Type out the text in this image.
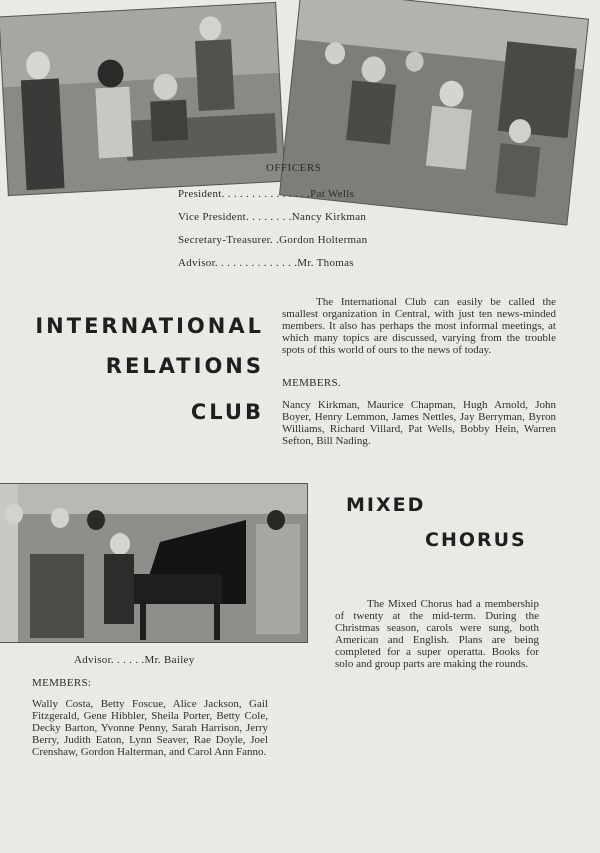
OFFICERS
President. . . . . . . . . . . . . . .Pat Wells
Vice President. . . . . . . .Nancy Kirkman
Secretary-Treasurer. .Gordon Holterman
Advisor. . . . . . . . . . . . . .Mr. Thomas
INTERNATIONAL
RELATIONS
CLUB
The International Club can easily be called the smallest organization in Central, with just ten news-minded members. It also has perhaps the most informal meetings, at which many topics are discussed, varying from the trouble spots of this world of ours to the news of today.
MEMBERS.
Nancy Kirkman, Maurice Chapman, Hugh Arnold, John Boyer, Henry Lemmon, James Nettles, Jay Berryman, Byron Williams, Richard Villard, Pat Wells, Bobby Hein, Warren Sefton, Bill Nading.
MIXED
CHORUS
The Mixed Chorus had a membership of twenty at the mid-term. During the Christmas season, carols were sung, both American and English. Plans are being completed for a super operatta. Books for solo and group parts are making the rounds.
Advisor. . . . . .Mr. Bailey
MEMBERS:
Wally Costa, Betty Foscue, Alice Jackson, Gail Fitzgerald, Gene Hibbler, Sheila Porter, Betty Cole, Decky Barton, Yvonne Penny, Sarah Harrison, Jerry Berry, Judith Eaton, Lynn Seaver, Rae Doyle, Joel Crenshaw, Gordon Halterman, and Carol Ann Fanno.
